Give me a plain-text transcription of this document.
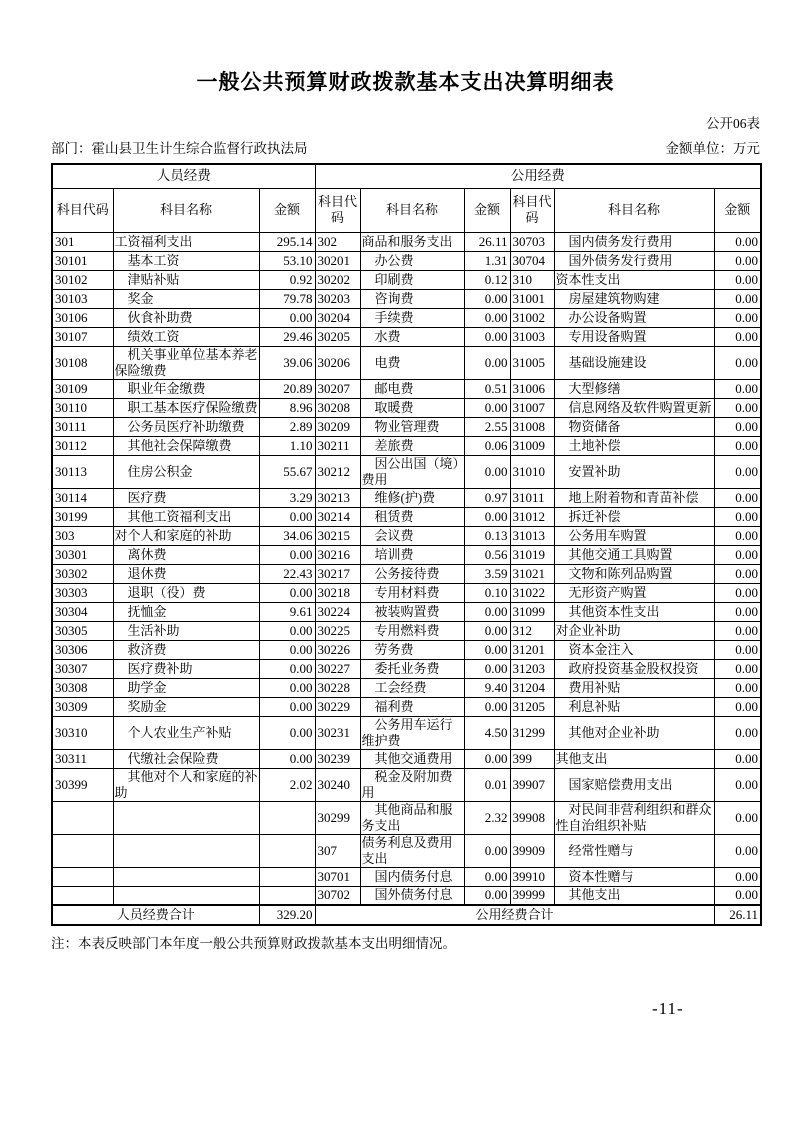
一般公共预算财政拨款基本支出决算明细表
公开06表
部门：霍山县卫生计生综合监督行政执法局	金额单位：万元
人员经费			公用经费					
科目代码	科目名称	金额	科目代码	科目名称	金额	科目代码	科目名称	金额
301	工资福利支出	295.14	302	商品和服务支出	26.11	30703	国内债务发行费用	0.00
30101	基本工资	53.10	30201	办公费	1.31	30704	国外债务发行费用	0.00
30102	津贴补贴	0.92	30202	印刷费	0.12	310	资本性支出	0.00
30103	奖金	79.78	30203	咨询费	0.00	31001	房屋建筑物购建	0.00
30106	伙食补助费	0.00	30204	手续费	0.00	31002	办公设备购置	0.00
30107	绩效工资	29.46	30205	水费	0.00	31003	专用设备购置	0.00
30108	机关事业单位基本养老保险缴费	39.06	30206	电费	0.00	31005	基础设施建设	0.00
30109	职业年金缴费	20.89	30207	邮电费	0.51	31006	大型修缮	0.00
30110	职工基本医疗保险缴费	8.96	30208	取暖费	0.00	31007	信息网络及软件购置更新	0.00
30111	公务员医疗补助缴费	2.89	30209	物业管理费	2.55	31008	物资储备	0.00
30112	其他社会保障缴费	1.10	30211	差旅费	0.06	31009	土地补偿	0.00
30113	住房公积金	55.67	30212	因公出国（境）费用	0.00	31010	安置补助	0.00
30114	医疗费	3.29	30213	维修(护)费	0.97	31011	地上附着物和青苗补偿	0.00
30199	其他工资福利支出	0.00	30214	租赁费	0.00	31012	拆迁补偿	0.00
303	对个人和家庭的补助	34.06	30215	会议费	0.13	31013	公务用车购置	0.00
30301	离休费	0.00	30216	培训费	0.56	31019	其他交通工具购置	0.00
30302	退休费	22.43	30217	公务接待费	3.59	31021	文物和陈列品购置	0.00
30303	退职（役）费	0.00	30218	专用材料费	0.10	31022	无形资产购置	0.00
30304	抚恤金	9.61	30224	被装购置费	0.00	31099	其他资本性支出	0.00
30305	生活补助	0.00	30225	专用燃料费	0.00	312	对企业补助	0.00
30306	救济费	0.00	30226	劳务费	0.00	31201	资本金注入	0.00
30307	医疗费补助	0.00	30227	委托业务费	0.00	31203	政府投资基金股权投资	0.00
30308	助学金	0.00	30228	工会经费	9.40	31204	费用补贴	0.00
30309	奖励金	0.00	30229	福利费	0.00	31205	利息补贴	0.00
30310	个人农业生产补贴	0.00	30231	公务用车运行维护费	4.50	31299	其他对企业补助	0.00
30311	代缴社会保险费	0.00	30239	其他交通费用	0.00	399	其他支出	0.00
30399	其他对个人和家庭的补助	2.02	30240	税金及附加费用	0.01	39907	国家赔偿费用支出	0.00
			30299	其他商品和服务支出	2.32	39908	对民间非营利组织和群众性自治组织补贴	0.00
			307	债务利息及费用支出	0.00	39909	经常性赠与	0.00
			30701	国内债务付息	0.00	39910	资本性赠与	0.00
			30702	国外债务付息	0.00	39999	其他支出	0.00
人员经费合计		329.20	公用经费合计					26.11
注：本表反映部门本年度一般公共预算财政拨款基本支出明细情况。
-11-
